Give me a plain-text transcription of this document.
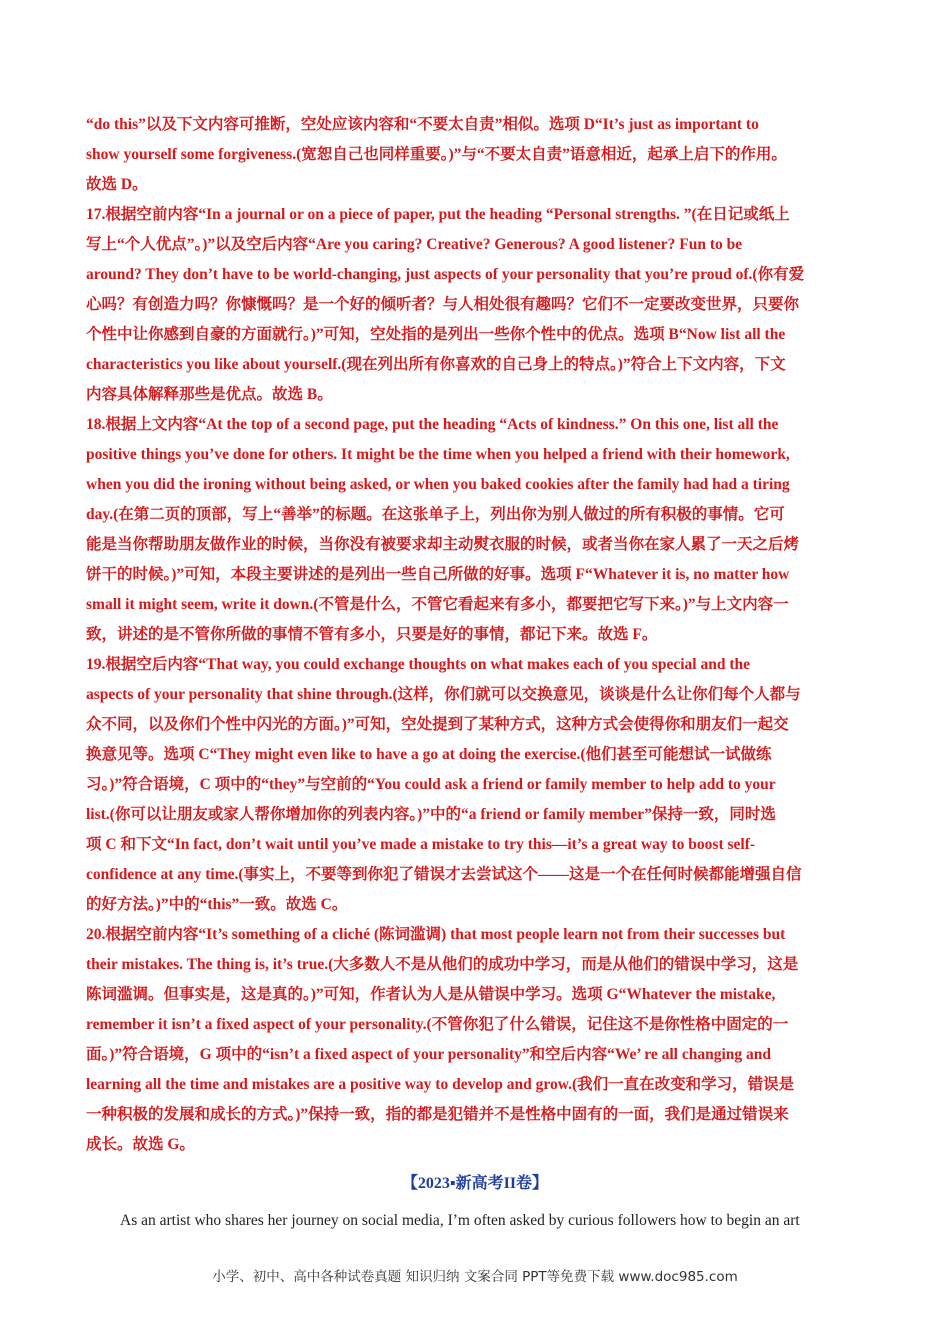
“do this”以及下文内容可推断，空处应该内容和“不要太自责”相似。选项 D“It’s just as important to
show yourself some forgiveness.(宽恕自己也同样重要。)”与“不要太自责”语意相近，起承上启下的作用。
故选 D。

17.根据空前内容“In a journal or on a piece of paper, put the heading “Personal strengths. ”(在日记或纸上
写上“个人优点”。)”以及空后内容“Are you caring? Creative? Generous? A good listener? Fun to be
around? They don’t have to be world-changing, just aspects of your personality that you’re proud of.(你有爱
心吗？有创造力吗？你慷慨吗？是一个好的倾听者？与人相处很有趣吗？它们不一定要改变世界，只要你
个性中让你感到自豪的方面就行。)”可知，空处指的是列出一些你个性中的优点。选项 B“Now list all the
characteristics you like about yourself.(现在列出所有你喜欢的自己身上的特点。)”符合上下文内容，下文
内容具体解释那些是优点。故选 B。

18.根据上文内容“At the top of a second page, put the heading “Acts of kindness.” On this one, list all the
positive things you’ve done for others. It might be the time when you helped a friend with their homework,
when you did the ironing without being asked, or when you baked cookies after the family had had a tiring
day.(在第二页的顶部，写上“善举”的标题。在这张单子上，列出你为别人做过的所有积极的事情。它可
能是当你帮助朋友做作业的时候，当你没有被要求却主动熨衣服的时候，或者当你在家人累了一天之后烤
饼干的时候。)”可知，本段主要讲述的是列出一些自己所做的好事。选项 F“Whatever it is, no matter how
small it might seem, write it down.(不管是什么，不管它看起来有多小，都要把它写下来。)”与上文内容一
致，讲述的是不管你所做的事情不管有多小，只要是好的事情，都记下来。故选 F。

19.根据空后内容“That way, you could exchange thoughts on what makes each of you special and the
aspects of your personality that shine through.(这样，你们就可以交换意见，谈谈是什么让你们每个人都与
众不同，以及你们个性中闪光的方面。)”可知，空处提到了某种方式，这种方式会使得你和朋友们一起交
换意见等。选项 C“They might even like to have a go at doing the exercise.(他们甚至可能想试一试做练
习。)”符合语境，C 项中的“they”与空前的“You could ask a friend or family member to help add to your
list.(你可以让朋友或家人帮你增加你的列表内容。)”中的“a friend or family member”保持一致，同时选
项 C 和下文“In fact, don’t wait until you’ve made a mistake to try this—it’s a great way to boost self-
confidence at any time.(事实上，不要等到你犯了错误才去尝试这个——这是一个在任何时候都能增强自信
的好方法。)”中的“this”一致。故选 C。

20.根据空前内容“It’s something of a cliché (陈词滥调) that most people learn not from their successes but
their mistakes. The thing is, it’s true.(大多数人不是从他们的成功中学习，而是从他们的错误中学习，这是
陈词滥调。但事实是，这是真的。)”可知，作者认为人是从错误中学习。选项 G“Whatever the mistake,
remember it isn’t a fixed aspect of your personality.(不管你犯了什么错误，记住这不是你性格中固定的一
面。)”符合语境，G 项中的“isn’t a fixed aspect of your personality”和空后内容“We’ re all changing and
learning all the time and mistakes are a positive way to develop and grow.(我们一直在改变和学习，错误是
一种积极的发展和成长的方式。)”保持一致，指的都是犯错并不是性格中固有的一面，我们是通过错误来
成长。故选 G。

【2023▪新高考II卷】

As an artist who shares her journey on social media, I’m often asked by curious followers how to begin an art

小学、初中、高中各种试卷真题 知识归纳 文案合同 PPT等免费下载 www.doc985.com
